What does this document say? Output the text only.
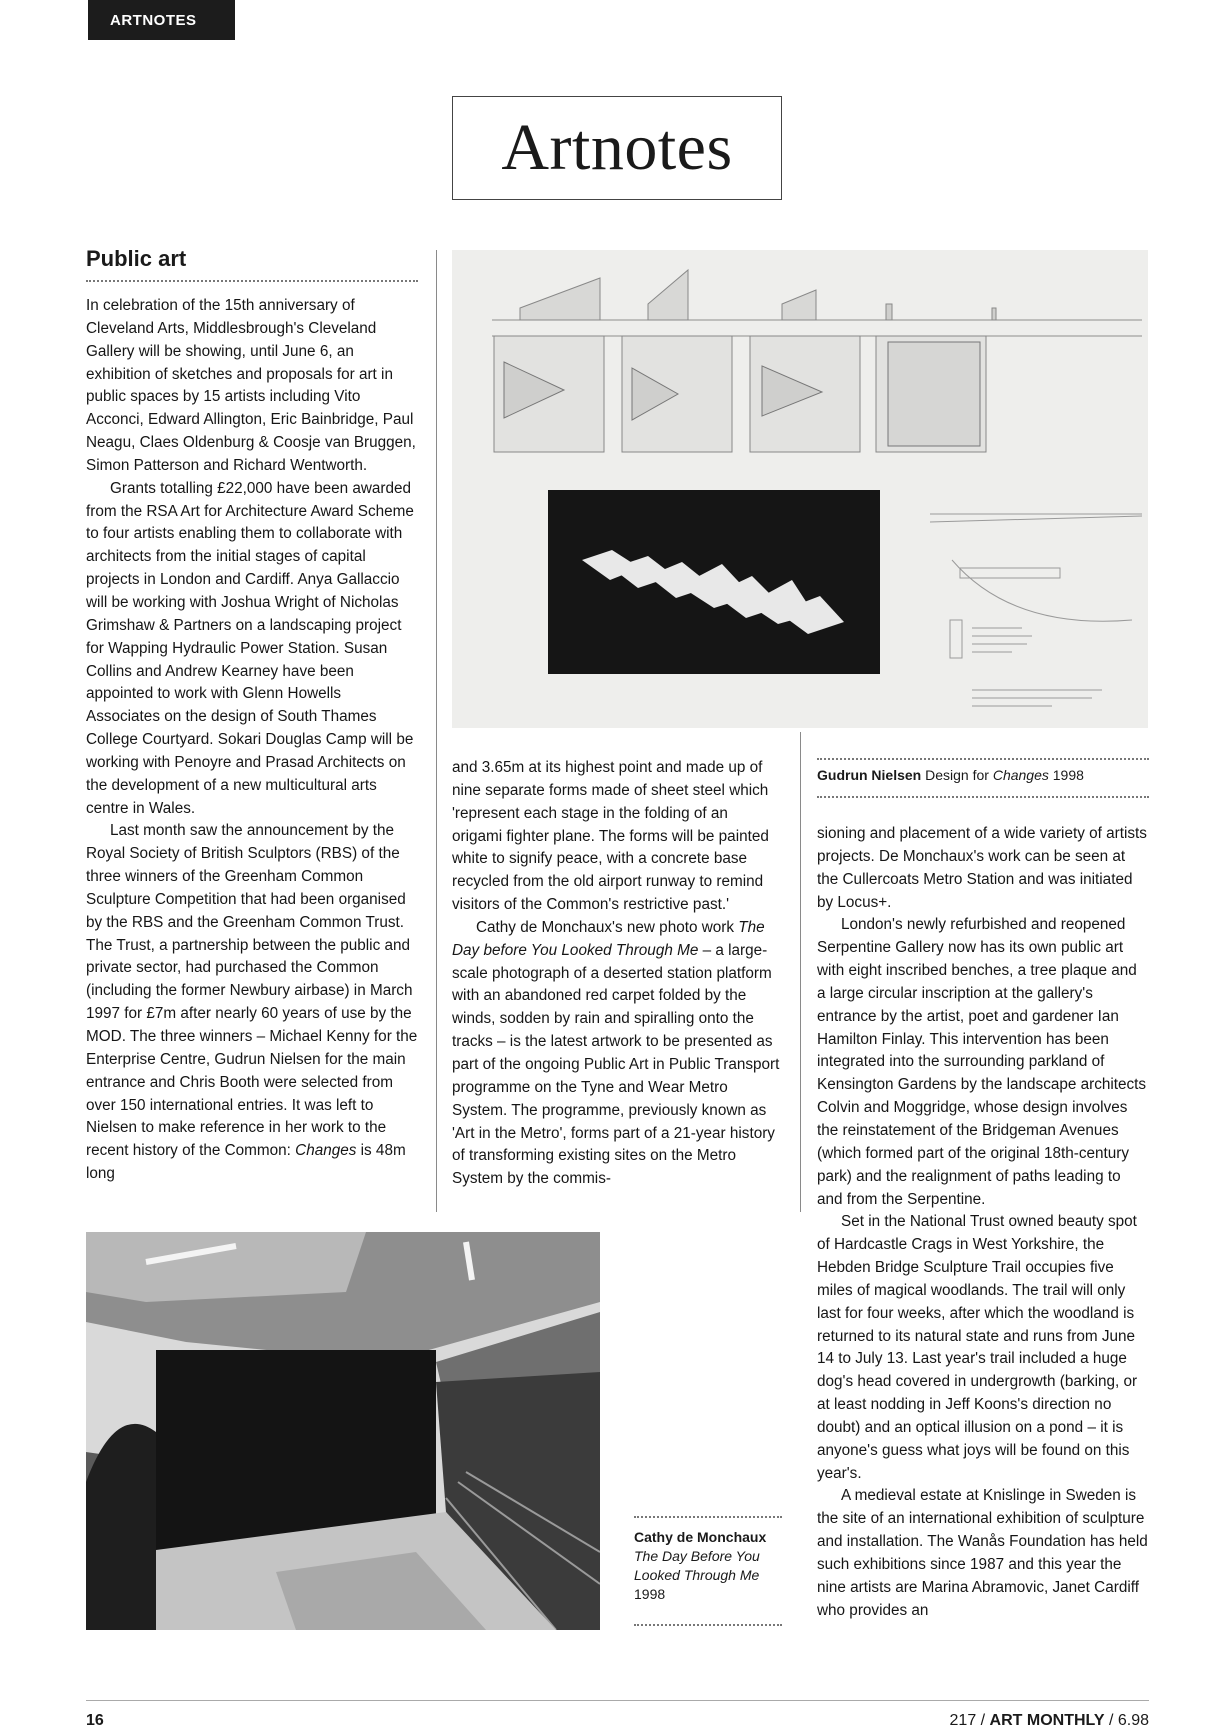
ARTNOTES
Artnotes
Public art

In celebration of the 15th anniversary of Cleveland Arts, Middlesbrough's Cleveland Gallery will be showing, until June 6, an exhibition of sketches and proposals for art in public spaces by 15 artists including Vito Acconci, Edward Allington, Eric Bainbridge, Paul Neagu, Claes Oldenburg & Coosje van Bruggen, Simon Patterson and Richard Wentworth.

Grants totalling £22,000 have been awarded from the RSA Art for Architecture Award Scheme to four artists enabling them to collaborate with architects from the initial stages of capital projects in London and Cardiff. Anya Gallaccio will be working with Joshua Wright of Nicholas Grimshaw & Partners on a landscaping project for Wapping Hydraulic Power Station. Susan Collins and Andrew Kearney have been appointed to work with Glenn Howells Associates on the design of South Thames College Courtyard. Sokari Douglas Camp will be working with Penoyre and Prasad Architects on the development of a new multicultural arts centre in Wales.

Last month saw the announcement by the Royal Society of British Sculptors (RBS) of the three winners of the Greenham Common Sculpture Competition that had been organised by the RBS and the Greenham Common Trust. The Trust, a partnership between the public and private sector, had purchased the Common (including the former Newbury airbase) in March 1997 for £7m after nearly 60 years of use by the MOD. The three winners – Michael Kenny for the Enterprise Centre, Gudrun Nielsen for the main entrance and Chris Booth were selected from over 150 international entries. It was left to Nielsen to make reference in her work to the recent history of the Common: Changes is 48m long

Gudrun Nielsen Design for Changes 1998

and 3.65m at its highest point and made up of nine separate forms made of sheet steel which 'represent each stage in the folding of an origami fighter plane. The forms will be painted white to signify peace, with a concrete base recycled from the old airport runway to remind visitors of the Common's restrictive past.'

Cathy de Monchaux's new photo work The Day before You Looked Through Me – a large-scale photograph of a deserted station platform with an abandoned red carpet folded by the winds, sodden by rain and spiralling onto the tracks – is the latest artwork to be presented as part of the ongoing Public Art in Public Transport programme on the Tyne and Wear Metro System. The programme, previously known as 'Art in the Metro', forms part of a 21-year history of transforming existing sites on the Metro System by the commis-

sioning and placement of a wide variety of artists projects. De Monchaux's work can be seen at the Cullercoats Metro Station and was initiated by Locus+.

London's newly refurbished and reopened Serpentine Gallery now has its own public art with eight inscribed benches, a tree plaque and a large circular inscription at the gallery's entrance by the artist, poet and gardener Ian Hamilton Finlay. This intervention has been integrated into the surrounding parkland of Kensington Gardens by the landscape architects Colvin and Moggridge, whose design involves the reinstatement of the Bridgeman Avenues (which formed part of the original 18th-century park) and the realignment of paths leading to and from the Serpentine.

Set in the National Trust owned beauty spot of Hardcastle Crags in West Yorkshire, the Hebden Bridge Sculpture Trail occupies five miles of magical woodlands. The trail will only last for four weeks, after which the woodland is returned to its natural state and runs from June 14 to July 13. Last year's trail included a huge dog's head covered in undergrowth (barking, or at least nodding in Jeff Koons's direction no doubt) and an optical illusion on a pond – it is anyone's guess what joys will be found on this year's.

A medieval estate at Knislinge in Sweden is the site of an international exhibition of sculpture and installation. The Wanås Foundation has held such exhibitions since 1987 and this year the nine artists are Marina Abramovic, Janet Cardiff who provides an

Cathy de Monchaux
The Day Before You Looked Through Me
1998
16	217 / ART MONTHLY / 6.98
